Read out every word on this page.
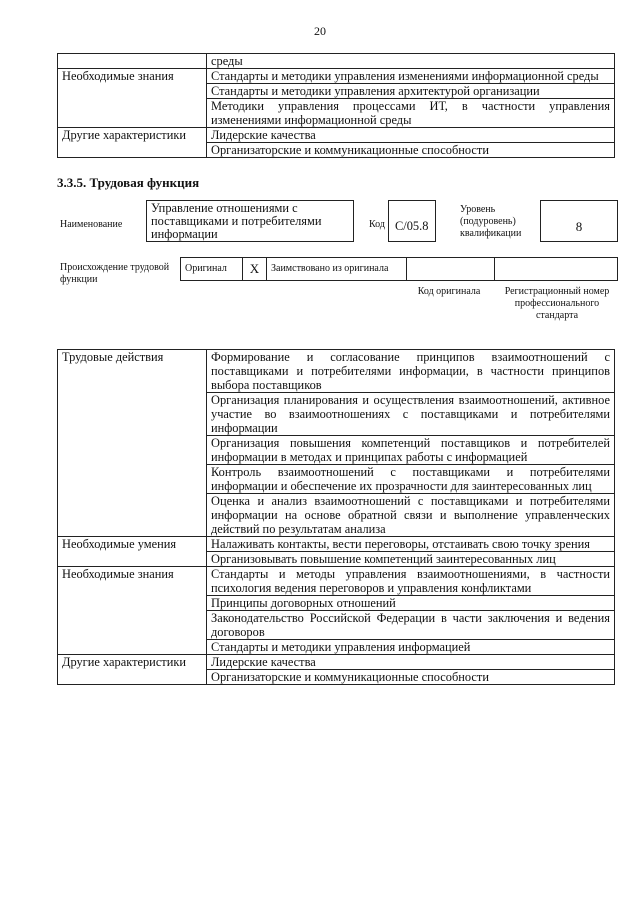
20
	среды
Необходимые знания	Стандарты и методики управления изменениями информационной среды
	Стандарты и методики управления архитектурой организации
	Методики управления процессами ИТ, в частности управления изменениями информационной среды
Другие характеристики	Лидерские качества
	Организаторские и коммуникационные способности
3.3.5. Трудовая функция
Наименование
Управление отношениями с поставщиками и потребителями информации
Код С/05.8
Уровень (подуровень) квалификации	8
Происхождение трудовой функции
Оригинал	X	Заимствовано из оригинала
Код оригинала	Регистрационный номер профессионального стандарта
Трудовые действия	Формирование и согласование принципов взаимоотношений с поставщиками и потребителями информации, в частности принципов выбора поставщиков
	Организация планирования и осуществления взаимоотношений, активное участие во взаимоотношениях с поставщиками и потребителями информации
	Организация повышения компетенций поставщиков и потребителей информации в методах и принципах работы с информацией
	Контроль взаимоотношений с поставщиками и потребителями информации и обеспечение их прозрачности для заинтересованных лиц
	Оценка и анализ взаимоотношений с поставщиками и потребителями информации на основе обратной связи и выполнение управленческих действий по результатам анализа
Необходимые умения	Налаживать контакты, вести переговоры, отстаивать свою точку зрения
	Организовывать повышение компетенций заинтересованных лиц
Необходимые знания	Стандарты и методы управления взаимоотношениями, в частности психология ведения переговоров и управления конфликтами
	Принципы договорных отношений
	Законодательство Российской Федерации в части заключения и ведения договоров
	Стандарты и методики управления информацией
Другие характеристики	Лидерские качества
	Организаторские и коммуникационные способности
